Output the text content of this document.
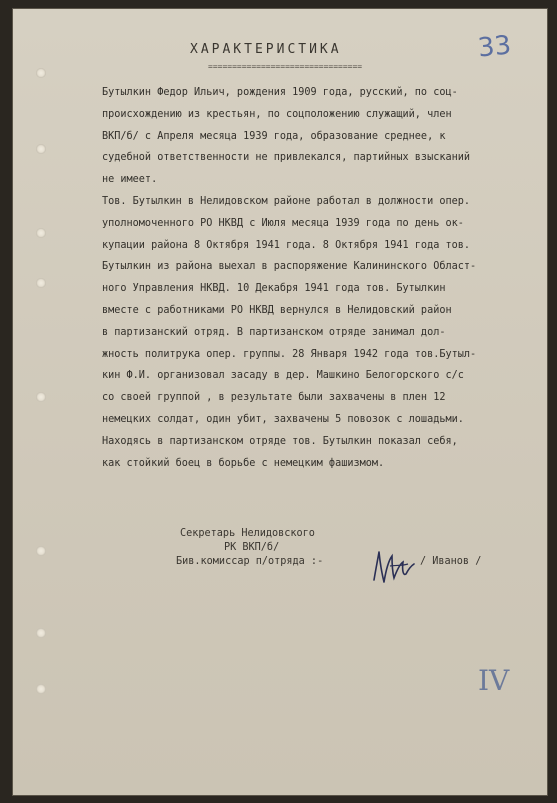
ХАРАКТЕРИСТИКА
================================
33
Бутылкин Федор Ильич, рождения 1909 года, русский, по соц-
происхождению из крестьян, по соцположению служащий, член
ВКП/б/ с Апреля месяца 1939 года, образование среднее, к
судебной ответственности не привлекался, партийных взысканий
не имеет.
Тов. Бутылкин в Нелидовском районе работал в должности опер.
уполномоченного РО НКВД с Июля месяца 1939 года по день ок-
купации района 8 Октября 1941 года. 8 Октября 1941 года тов.
Бутылкин из района выехал в распоряжение Калининского Област-
ного Управления НКВД. 10 Декабря 1941 года тов. Бутылкин
вместе с работниками РО НКВД вернулся в Нелидовский район
в партизанский отряд. В партизанском отряде занимал дол-
жность политрука опер. группы. 28 Января 1942 года тов.Бутыл-
кин Ф.И. организовал засаду в дер. Машкино Белогорского с/с
со своей группой , в результате были захвачены в плен 12
немецких солдат, один убит, захвачены 5 повозок с лошадьми.
Находясь в партизанском отряде тов. Бутылкин показал себя,
как стойкий боец в борьбе с немецким фашизмом.
Секретарь Нелидовского
РК ВКП/б/
Бив.комиссар п/отряда :-	/ Иванов /
IV
